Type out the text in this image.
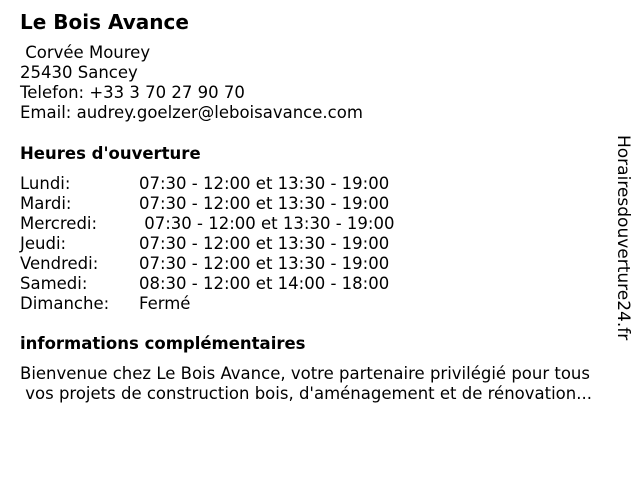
Le Bois Avance
Corvée Mourey
25430 Sancey
Telefon: +33 3 70 27 90 70
Email: audrey.goelzer@leboisavance.com
Heures d'ouverture
Lundi:	07:30 - 12:00 et 13:30 - 19:00
Mardi:	07:30 - 12:00 et 13:30 - 19:00
Mercredi:	07:30 - 12:00 et 13:30 - 19:00
Jeudi:	07:30 - 12:00 et 13:30 - 19:00
Vendredi: 07:30 - 12:00 et 13:30 - 19:00
Samedi:	08:30 - 12:00 et 14:00 - 18:00
Dimanche: Fermé
informations complémentaires
Bienvenue chez Le Bois Avance, votre partenaire privilégié pour tous
vos projets de construction bois, d'aménagement et de rénovation...
Horairesdouverture24.fr
